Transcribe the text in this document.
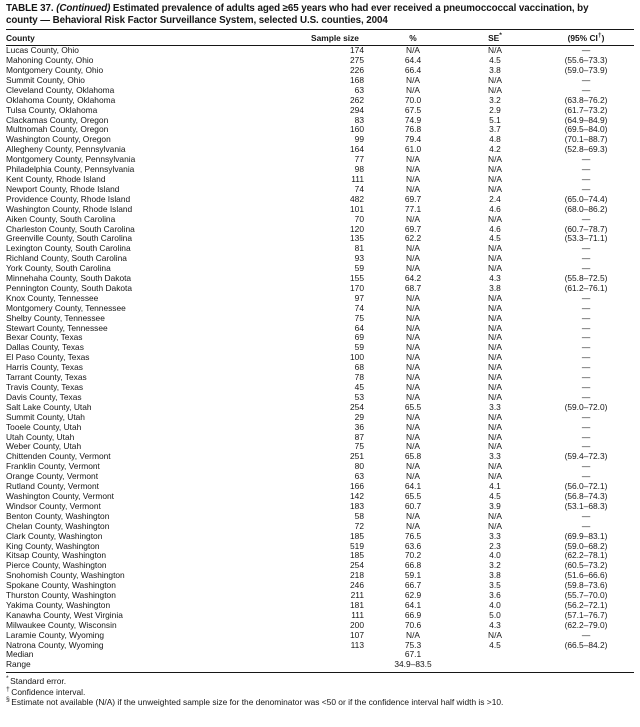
TABLE 37. (Continued) Estimated prevalence of adults aged ≥65 years who had ever received a pneumoccoccal vaccination, by
county — Behavioral Risk Factor Surveillance System, selected U.S. counties, 2004
County	Sample size	%	SE*	(95% CI†)
Lucas County, Ohio	174	N/A	N/A	—
Mahoning County, Ohio	275	64.4	4.5	(55.6–73.3)
Montgomery County, Ohio	226	66.4	3.8	(59.0–73.9)
Summit County, Ohio	168	N/A	N/A	—
Cleveland County, Oklahoma	63	N/A	N/A	—
Oklahoma County, Oklahoma	262	70.0	3.2	(63.8–76.2)
Tulsa County, Oklahoma	294	67.5	2.9	(61.7–73.2)
Clackamas County, Oregon	83	74.9	5.1	(64.9–84.9)
Multnomah County, Oregon	160	76.8	3.7	(69.5–84.0)
Washington County, Oregon	99	79.4	4.8	(70.1–88.7)
Allegheny County, Pennsylvania	164	61.0	4.2	(52.8–69.3)
Montgomery County, Pennsylvania	77	N/A	N/A	—
Philadelphia County, Pennsylvania	98	N/A	N/A	—
Kent County, Rhode Island	111	N/A	N/A	—
Newport County, Rhode Island	74	N/A	N/A	—
Providence County, Rhode Island	482	69.7	2.4	(65.0–74.4)
Washington County, Rhode Island	101	77.1	4.6	(68.0–86.2)
Aiken County, South Carolina	70	N/A	N/A	—
Charleston County, South Carolina	120	69.7	4.6	(60.7–78.7)
Greenville County, South Carolina	135	62.2	4.5	(53.3–71.1)
Lexington County, South Carolina	81	N/A	N/A	—
Richland County, South Carolina	93	N/A	N/A	—
York County, South Carolina	59	N/A	N/A	—
Minnehaha County, South Dakota	155	64.2	4.3	(55.8–72.5)
Pennington County, South Dakota	170	68.7	3.8	(61.2–76.1)
Knox County, Tennessee	97	N/A	N/A	—
Montgomery County, Tennessee	74	N/A	N/A	—
Shelby County, Tennessee	75	N/A	N/A	—
Stewart County, Tennessee	64	N/A	N/A	—
Bexar County, Texas	69	N/A	N/A	—
Dallas County, Texas	59	N/A	N/A	—
El Paso County, Texas	100	N/A	N/A	—
Harris County, Texas	68	N/A	N/A	—
Tarrant County, Texas	78	N/A	N/A	—
Travis County, Texas	45	N/A	N/A	—
Davis County, Texas	53	N/A	N/A	—
Salt Lake County, Utah	254	65.5	3.3	(59.0–72.0)
Summit County, Utah	29	N/A	N/A	—
Tooele County, Utah	36	N/A	N/A	—
Utah County, Utah	87	N/A	N/A	—
Weber County, Utah	75	N/A	N/A	—
Chittenden County, Vermont	251	65.8	3.3	(59.4–72.3)
Franklin County, Vermont	80	N/A	N/A	—
Orange County, Vermont	63	N/A	N/A	—
Rutland County, Vermont	166	64.1	4.1	(56.0–72.1)
Washington County, Vermont	142	65.5	4.5	(56.8–74.3)
Windsor County, Vermont	183	60.7	3.9	(53.1–68.3)
Benton County, Washington	58	N/A	N/A	—
Chelan County, Washington	72	N/A	N/A	—
Clark County, Washington	185	76.5	3.3	(69.9–83.1)
King County, Washington	519	63.6	2.3	(59.0–68.2)
Kitsap County, Washington	185	70.2	4.0	(62.2–78.1)
Pierce County, Washington	254	66.8	3.2	(60.5–73.2)
Snohomish County, Washington	218	59.1	3.8	(51.6–66.6)
Spokane County, Washington	246	66.7	3.5	(59.8–73.6)
Thurston County, Washington	211	62.9	3.6	(55.7–70.0)
Yakima County, Washington	181	64.1	4.0	(56.2–72.1)
Kanawha County, West Virginia	111	66.9	5.0	(57.1–76.7)
Milwaukee County, Wisconsin	200	70.6	4.3	(62.2–79.0)
Laramie County, Wyoming	107	N/A	N/A	—
Natrona County, Wyoming	113	75.3	4.5	(66.5–84.2)
Median		67.1		
Range		34.9–83.5		
* Standard error.
† Confidence interval.
§ Estimate not available (N/A) if the unweighted sample size for the denominator was <50 or if the confidence interval half width is >10.
